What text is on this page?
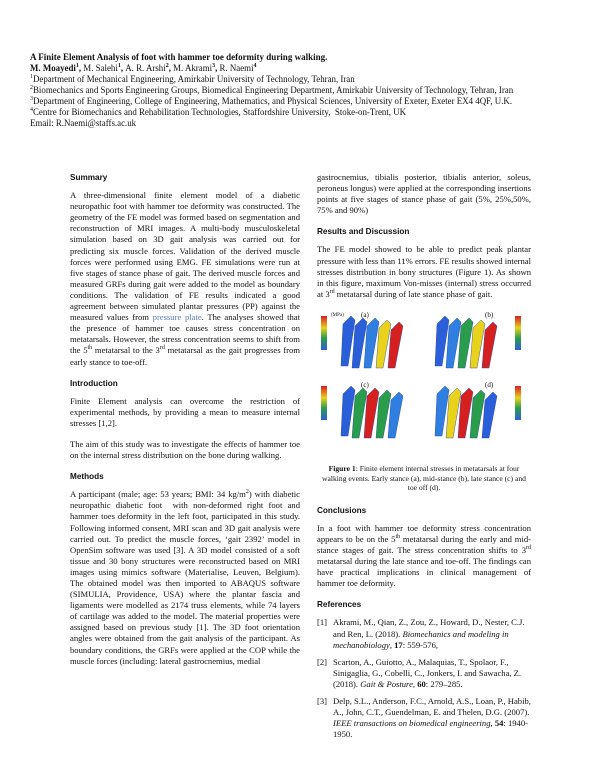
A Finite Element Analysis of foot with hammer toe deformity during walking.

M. Moayedi$^1$, M. Salehi$^1$, A. R. Arshi$^2$, M. Akrami$^3$, R. Naemi$^4$

$^1$Department of Mechanical Engineering, Amirkabir University of Technology, Tehran, Iran

$^2$Biomechanics and Sports Engineering Groups, Biomedical Engineering Department, Amirkabir University of Technology, Tehran, Iran

$^3$Department of Engineering, College of Engineering, Mathematics, and Physical Sciences, University of Exeter, Exeter EX4 4QF, U.K.

$^4$Centre for Biomechanics and Rehabilitation Technologies, Staffordshire University,  Stoke-on-Trent, UK

Email: R.Naemi@staffs.ac.uk

Summary

A three-dimensional finite element model of a diabetic neuropathic foot with hammer toe deformity was constructed. The geometry of the FE model was formed based on segmentation and reconstruction of MRI images. A multi-body musculoskeletal simulation based on 3D gait analysis was carried out for predicting six muscle forces. Validation of the derived muscle forces were performed using EMG. FE simulations were run at five stages of stance phase of gait. The derived muscle forces and measured GRFs during gait were added to the model as boundary conditions. The validation of FE results indicated a good agreement between simulated plantar pressures (PP) against the measured values from pressure plate. The analyses showed that the presence of hammer toe causes stress concentration on metatarsals. However, the stress concentration seems to shift from the 5th metatarsal to the 3rd metatarsal as the gait progresses from early stance to toe-off.

Introduction

Finite Element analysis can overcome the restriction of experimental methods, by providing a mean to measure internal stresses [1,2].

The aim of this study was to investigate the effects of hammer toe on the internal stress distribution on the bone during walking.

Methods

A participant (male; age: 53 years; BMI: 34 $kg/m^2$) with diabetic neuropathic diabetic foot  with non-deformed right foot and hammer toes deformity in the left foot, participated in this study. Following informed consent, MRI scan and 3D gait analysis were carried out. To predict the muscle forces, ‘gait 2392’ model in OpenSim software was used [3]. A 3D model consisted of a soft tissue and 30 bony structures were reconstructed based on MRI images using mimics software (Materialise, Leuven, Belgium). The obtained model was then imported to ABAQUS software (SIMULIA, Providence, USA) where the plantar fascia and ligaments were modelled as 2174 truss elements, while 74 layers of cartilage was added to the model. The material properties were assigned based on previous study [1]. The 3D foot orientation angles were obtained from the gait analysis of the participant. As boundary conditions, the GRFs were applied at the COP while the muscle forces (including: lateral gastrocnemius, medial

gastrocnemius, tibialis posterior, tibialis anterior, soleus, peroneus longus) were applied at the corresponding insertions points at five stages of stance phase of gait (5%, 25%,50%, 75% and 90%)

Results and Discussion

The FE model showed to be able to predict peak plantar pressure with less than 11% errors. FE results showed internal stresses distribution in bony structures (Figure 1). As shown in this figure, maximum Von-misses (internal) stress occurred at 3rd metatarsal during of late stance phase of gait.

(a)
(MPa)	(b)
(c)	(d)

Figure 1: Finite element internal stresses in metatarsals at four walking events. Early stance (a), mid-stance (b), late stance (c) and toe off (d).

Conclusions

In a foot with hammer toe deformity stress concentration appears to be on the 5th metatarsal during the early and mid-stance stages of gait. The stress concentration shifts to 3rd metatarsal during the late stance and toe-off. The findings can have practical implications in clinical management of hammer toe deformity.

References
[1] Akrami, M., Qian, Z., Zou, Z., Howard, D., Nester, C.J. and Ren, L. (2018). Biomechanics and modeling in mechanobiology, 17: 559-576,
[2] Scarton, A., Guiotto, A., Malaquias, T., Spolaor, F., Sinigaglia, G., Cobelli, C., Jonkers, I. and Sawacha, Z. (2018). Gait & Posture, 60: 279–285.
[3] Delp, S.L., Anderson, F.C., Arnold, A.S., Loan, P., Habib, A., John, C.T., Guendelman, E. and Thelen, D.G. (2007). IEEE transactions on biomedical engineering, 54: 1940-1950.
